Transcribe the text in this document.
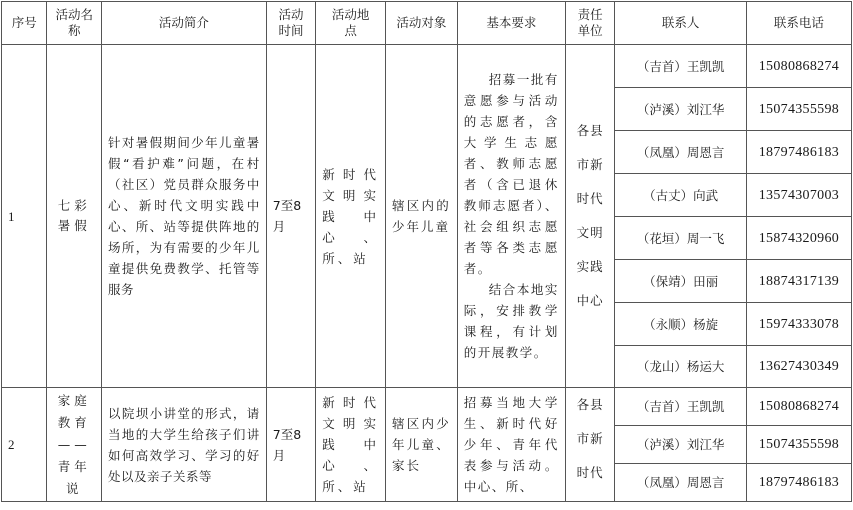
序号	活动名称	活动简介	活动时间	活动地点	活动对象	基本要求	责任单位	联系人	联系电话
1	七彩暑假	针对暑假期间少年儿童暑假“看护难”问题，在村（社区）党员群众服务中心、新时代文明实践中心、所、站等提供阵地的场所，为有需要的少年儿童提供免费教学、托管等服务	7至8月	新时代文明实践中心、所、站	辖区内的少年儿童	招募一批有意愿参与活动的志愿者，含大学生志愿者、教师志愿者（含已退休教师志愿者）、社会组织志愿者等各类志愿者。
结合本地实际，安排教学课程，有计划的开展教学。	各县市新时代文明实践中心	（吉首）王凯凯	15080868274
								（泸溪）刘江华	15074355598
								（凤凰）周恩言	18797486183
								（古丈）向武	13574307003
								（花垣）周一飞	15874320960
								（保靖）田丽	18874317139
								（永顺）杨旋	15974333078
								（龙山）杨运大	13627430349
2	家庭教育——青年说	以院坝小讲堂的形式，请当地的大学生给孩子们讲如何高效学习、学习的好处以及亲子关系等	7至8月	新时代文明实践中心、所、站	辖区内少年儿童、家长	招募当地大学生、新时代好少年、青年代表参与活动。中心、所、	各县市新时代	（吉首）王凯凯	15080868274
								（泸溪）刘江华	15074355598
								（凤凰）周恩言	18797486183
